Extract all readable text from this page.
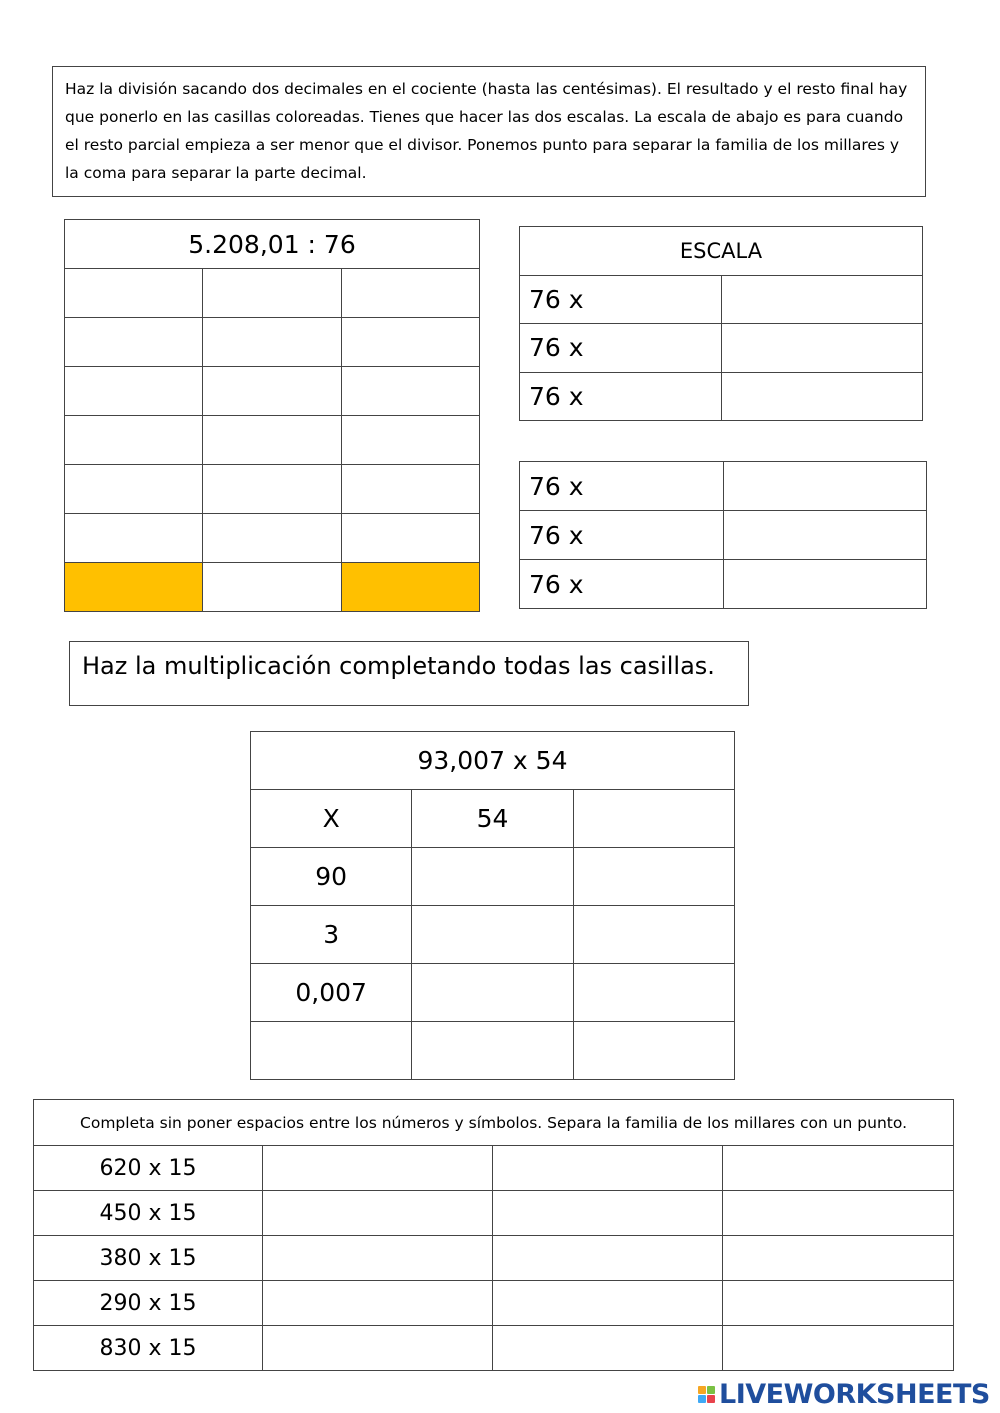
Haz la división sacando dos decimales en el cociente (hasta las centésimas). El resultado y el resto final hay que ponerlo en las casillas coloreadas. Tienes que hacer las dos escalas. La escala de abajo es para cuando el resto parcial empieza a ser menor que el divisor. Ponemos punto para separar la familia de los millares y la coma para separar la parte decimal.
5.208,01 : 76		

			ESCALA	
76 x	
76 x	
76 x	
76 x	
76 x	
76 x	
Haz la multiplicación completando todas las casillas.
93,007 x 54		
X	54	
90		
3		
0,007		

Completa sin poner espacios entre los números y símbolos. Separa la familia de los millares con un punto.			
620 x 15			
450 x 15			
380 x 15			
290 x 15			
830 x 15			
LIVEWORKSHEETS
